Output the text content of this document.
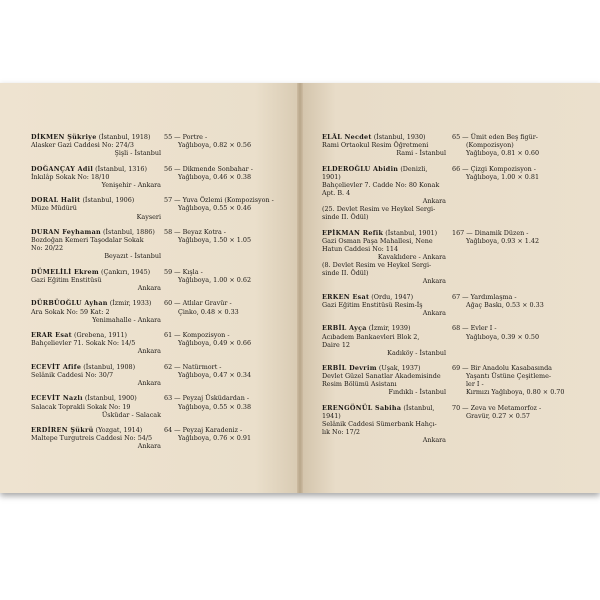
DİKMEN Şükriye (İstanbul, 1918)
Alasker Gazi Caddesi No: 274/3
Şişli - İstanbul
55 — Portre -
Yağlıboya, 0.82 × 0.56
DOĞANÇAY Adil (İstanbul, 1316)
İnkılâp Sokak No: 18/10
Yenişehir - Ankara
56 — Dikmende Sonbahar -
Yağlıboya, 0.46 × 0.38
DORAL Halit (İstanbul, 1906)
Müze Müdürü
Kayseri
57 — Yuva Özlemi (Kompozisyon -
Yağlıboya, 0.55 × 0.46
DURAN Feyhaman (İstanbul, 1886)
Bozdoğan Kemeri Taşodalar Sokak
No: 20/22
Beyazıt - İstanbul
58 — Beyaz Kotra -
Yağlıboya, 1.50 × 1.05
DÜMELİLİ Ekrem (Çankırı, 1945)
Gazi Eğitim Enstitüsü
Ankara
59 — Kışla -
Yağlıboya, 1.00 × 0.62
DÜRBÜOĞLU Ayhan (İzmir, 1933)
Ara Sokak No: 59 Kat: 2
Yenimahalle - Ankara
60 — Atlılar Gravür -
Çinko, 0.48 × 0.33
ERAR Esat (Grebena, 1911)
Bahçelievler 71. Sokak No: 14/5
Ankara
61 — Kompozisyon -
Yağlıboya, 0.49 × 0.66
ECEVİT Afife (İstanbul, 1908)
Selânik Caddesi No: 30/7
Ankara
62 — Natürmort -
Yağlıboya, 0.47 × 0.34
ECEVİT Nazlı (İstanbul, 1900)
Salacak Toprakli Sokak No: 19
Üsküdar - Salacak
63 — Peyzaj Üsküdardan -
Yağlıboya, 0.55 × 0.38
ERDİREN Şükrü (Yozgat, 1914)
Maltepe Turgutreis Caddesi No: 54/5
Ankara
64 — Peyzaj Karadeniz -
Yağlıboya, 0.76 × 0.91
ELÂL Necdet (İstanbul, 1930)
Rami Ortaokul Resim Öğretmeni
Rami - İstanbul
65 — Ümit eden Beş figür-
(Kompozisyon)
Yağlıboya, 0.81 × 0.60
ELDEROĞLU Abidin (Denizli, 1901)
Bahçelievler 7. Cadde No: 80 Konak
Apt. B. 4
Ankara
(25. Devlet Resim ve Heykel Sergi-
sinde II. Ödül)
66 — Çizgi Kompozisyon -
Yağlıboya, 1.00 × 0.81
EPİKMAN Refik (İstanbul, 1901)
Gazi Osman Paşa Mahallesi, Nene
Hatun Caddesi No: 114
Kavaklıdere - Ankara
(8. Devlet Resim ve Heykel Sergi-
sinde II. Ödül)
Ankara
167 — Dinamik Düzen -
Yağlıboya, 0.93 × 1.42
ERKEN Esat (Ordu, 1947)
Gazi Eğitim Enstitüsü Resim-İş
Ankara
67 — Yardımlaşma -
Ağaç Baskı, 0.53 × 0.33
ERBİL Ayça (İzmir, 1939)
Acıbadem Bankaevleri Blok 2,
Daire 12
Kadıköy - İstanbul
68 — Evler I -
Yağlıboya, 0.39 × 0.50
ERBİL Devrim (Uşak, 1937)
Devlet Güzel Sanatlar Akademisinde
Resim Bölümü Asistanı
Fındıklı - İstanbul
69 — Bir Anadolu Kasabasında
Yaşantı Üstüne Çeşitleme-
ler I -
Kırmızı Yağlıboya, 0.80 × 0.70
ERENGÖNÜL Sabiha (İstanbul, 1941)
Selânik Caddesi Sümerbank Hahçı-
lık No: 17/2
Ankara
70 — Zeva ve Metamorfoz -
Gravür, 0.27 × 0.57
